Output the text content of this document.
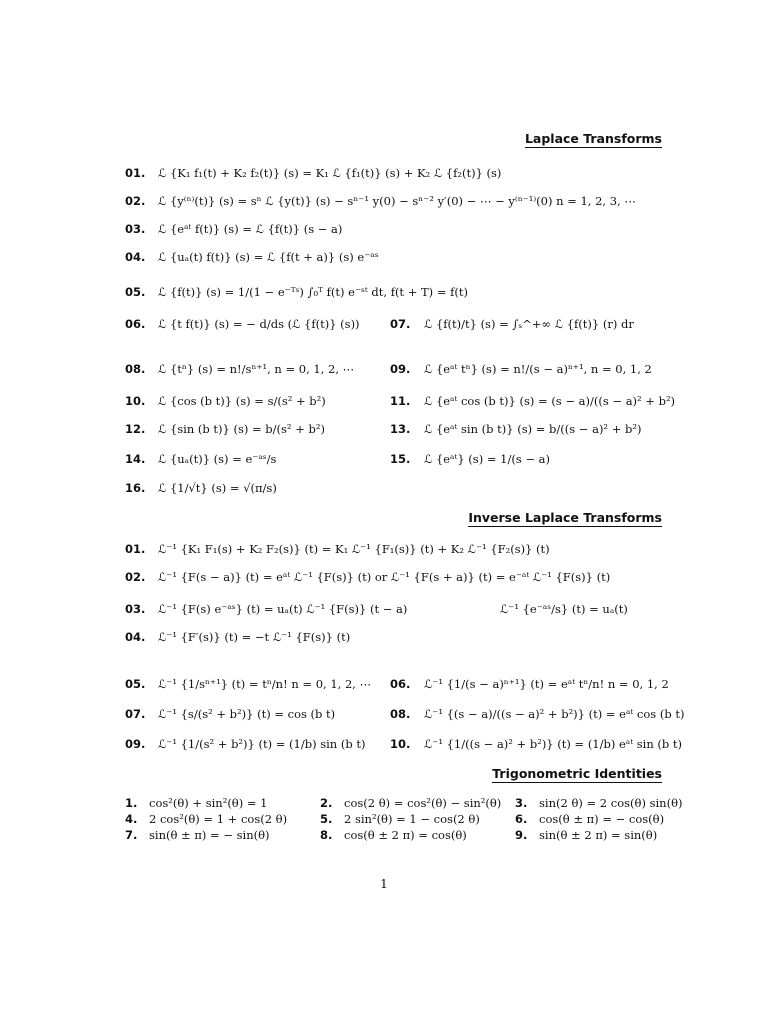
Laplace Transforms
01. ℒ {K₁ f₁(t) + K₂ f₂(t)} (s) = K₁ ℒ {f₁(t)} (s) + K₂ ℒ {f₂(t)} (s)
02. ℒ {y⁽ⁿ⁾(t)} (s) = sⁿ ℒ {y(t)} (s) − sⁿ⁻¹ y(0) − sⁿ⁻² y′(0) − ⋯ − y⁽ⁿ⁻¹⁾(0) n = 1, 2, 3, ⋯
03. ℒ {eᵃᵗ f(t)} (s) = ℒ {f(t)} (s − a)
04. ℒ {uₐ(t) f(t)} (s) = ℒ {f(t + a)} (s) e⁻ᵃˢ
05. ℒ {f(t)} (s) = 1/(1 − e⁻ᵀˢ) ∫₀ᵀ f(t) e⁻ˢᵗ dt, f(t + T) = f(t)
06. ℒ {t f(t)} (s) = − d/ds (ℒ {f(t)} (s))	07. ℒ {f(t)/t} (s) = ∫ₛ^+∞ ℒ {f(t)} (r) dr
08. ℒ {tⁿ} (s) = n!/sⁿ⁺¹, n = 0, 1, 2, ⋯	09. ℒ {eᵃᵗ tⁿ} (s) = n!/(s − a)ⁿ⁺¹, n = 0, 1, 2
10. ℒ {cos (b t)} (s) = s/(s² + b²)	11. ℒ {eᵃᵗ cos (b t)} (s) = (s − a)/((s − a)² + b²)
12. ℒ {sin (b t)} (s) = b/(s² + b²)	13. ℒ {eᵃᵗ sin (b t)} (s) = b/((s − a)² + b²)
14. ℒ {uₐ(t)} (s) = e⁻ᵃˢ/s	15. ℒ {eᵃᵗ} (s) = 1/(s − a)
16. ℒ {1/√t} (s) = √(π/s)
Inverse Laplace Transforms
01. ℒ⁻¹ {K₁ F₁(s) + K₂ F₂(s)} (t) = K₁ ℒ⁻¹ {F₁(s)} (t) + K₂ ℒ⁻¹ {F₂(s)} (t)
02. ℒ⁻¹ {F(s − a)} (t) = eᵃᵗ ℒ⁻¹ {F(s)} (t) or ℒ⁻¹ {F(s + a)} (t) = e⁻ᵃᵗ ℒ⁻¹ {F(s)} (t)
03. ℒ⁻¹ {F(s) e⁻ᵃˢ} (t) = uₐ(t) ℒ⁻¹ {F(s)} (t − a)	ℒ⁻¹ {e⁻ᵃˢ/s} (t) = uₐ(t)
04. ℒ⁻¹ {F′(s)} (t) = −t ℒ⁻¹ {F(s)} (t)
05. ℒ⁻¹ {1/sⁿ⁺¹} (t) = tⁿ/n! n = 0, 1, 2, ⋯ 06. ℒ⁻¹ {1/(s − a)ⁿ⁺¹} (t) = eᵃᵗ tⁿ/n! n = 0, 1, 2
07. ℒ⁻¹ {s/(s² + b²)} (t) = cos (b t)	08. ℒ⁻¹ {(s − a)/((s − a)² + b²)} (t) = eᵃᵗ cos (b t)
09. ℒ⁻¹ {1/(s² + b²)} (t) = (1/b) sin (b t) 10. ℒ⁻¹ {1/((s − a)² + b²)} (t) = (1/b) eᵃᵗ sin (b t)
Trigonometric Identities
1. cos²(θ) + sin²(θ) = 1	2. cos(2 θ) = cos²(θ) − sin²(θ) 3. sin(2 θ) = 2 cos(θ) sin(θ)
4. 2 cos²(θ) = 1 + cos(2 θ)	5. 2 sin²(θ) = 1 − cos(2 θ)	6. cos(θ ± π) = − cos(θ)
7. sin(θ ± π) = − sin(θ)	8. cos(θ ± 2 π) = cos(θ)	9. sin(θ ± 2 π) = sin(θ)
1
